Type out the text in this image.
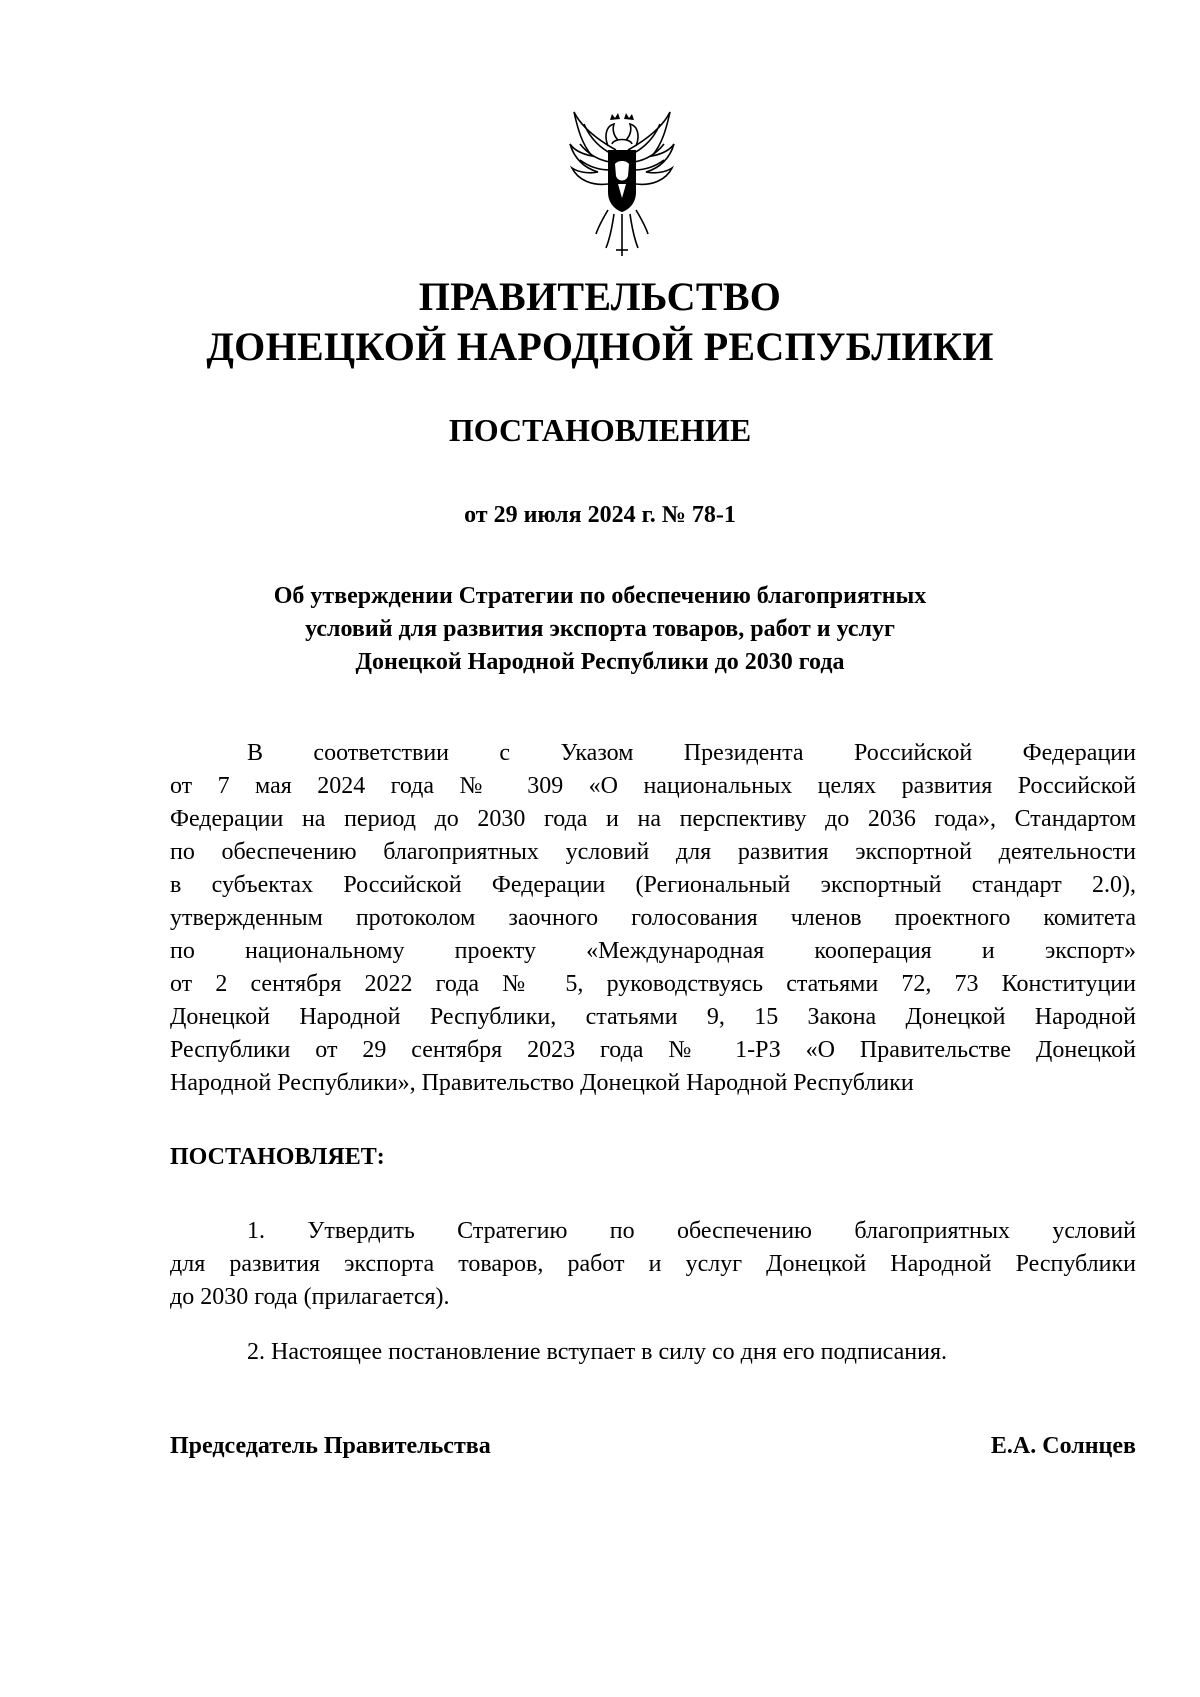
ПРАВИТЕЛЬСТВО
ДОНЕЦКОЙ НАРОДНОЙ РЕСПУБЛИКИ
ПОСТАНОВЛЕНИЕ
от 29 июля 2024 г. № 78-1
Об утверждении Стратегии по обеспечению благоприятных
условий для развития экспорта товаров, работ и услуг
Донецкой Народной Республики до 2030 года
В соответствии с Указом Президента Российской Федерации
от 7 мая 2024 года № 309 «О национальных целях развития Российской
Федерации на период до 2030 года и на перспективу до 2036 года», Стандартом
по обеспечению благоприятных условий для развития экспортной деятельности
в субъектах Российской Федерации (Региональный экспортный стандарт 2.0),
утвержденным протоколом заочного голосования членов проектного комитета
по национальному проекту «Международная кооперация и экспорт»
от 2 сентября 2022 года № 5, руководствуясь статьями 72, 73 Конституции
Донецкой Народной Республики, статьями 9, 15 Закона Донецкой Народной
Республики от 29 сентября 2023 года № 1-РЗ «О Правительстве Донецкой
Народной Республики», Правительство Донецкой Народной Республики
ПОСТАНОВЛЯЕТ:
1. Утвердить Стратегию по обеспечению благоприятных условий
для развития экспорта товаров, работ и услуг Донецкой Народной Республики
до 2030 года (прилагается).
2. Настоящее постановление вступает в силу со дня его подписания.
Председатель Правительства	Е.А. Солнцев
